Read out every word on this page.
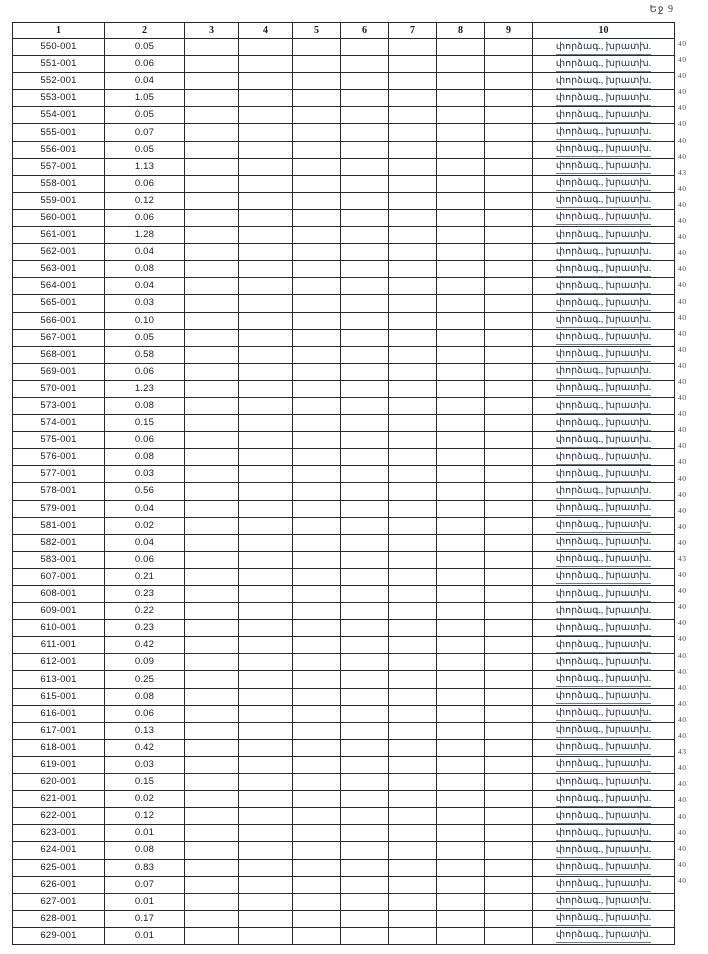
Եջ 9
1	2	3	4	5	6	7	8	9	10
550-001	0.05								փորձագ., խրատխ.
551-001	0.06								փորձագ., խրատխ.
552-001	0.04								փորձագ., խրատխ.
553-001	1.05								փորձագ., խրատխ.
554-001	0.05								փորձագ., խրատխ.
555-001	0.07								փորձագ., խրատխ.
556-001	0.05								փորձագ., խրատխ.
557-001	1.13								փորձագ., խրատխ.
558-001	0.06								փորձագ., խրատխ.
559-001	0.12								փորձագ., խրատխ.
560-001	0.06								փորձագ., խրատխ.
561-001	1.28								փորձագ., խրատխ.
562-001	0.04								փորձագ., խրատխ.
563-001	0.08								փորձագ., խրատխ.
564-001	0.04								փորձագ., խրատխ.
565-001	0.03								փորձագ., խրատխ.
566-001	0.10								փորձագ., խրատխ.
567-001	0.05								փորձագ., խրատխ.
568-001	0.58								փորձագ., խրատխ.
569-001	0.06								փորձագ., խրատխ.
570-001	1.23								փորձագ., խրատխ.
573-001	0.08								փորձագ., խրատխ.
574-001	0.15								փորձագ., խրատխ.
575-001	0.06								փորձագ., խրատխ.
576-001	0.08								փորձագ., խրատխ.
577-001	0.03								փորձագ., խրատխ.
578-001	0.56								փորձագ., խրատխ.
579-001	0.04								փորձագ., խրատխ.
581-001	0.02								փորձագ., խրատխ.
582-001	0.04								փորձագ., խրատխ.
583-001	0.06								փորձագ., խրատխ.
607-001	0.21								փորձագ., խրատխ.
608-001	0.23								փորձագ., խրատխ.
609-001	0.22								փորձագ., խրատխ.
610-001	0.23								փորձագ., խրատխ.
611-001	0.42								փորձագ., խրատխ.
612-001	0.09								փորձագ., խրատխ.
613-001	0.25								փորձագ., խրատխ.
615-001	0.08								փորձագ., խրատխ.
616-001	0.06								փորձագ., խրատխ.
617-001	0.13								փորձագ., խրատխ.
618-001	0.42								փորձագ., խրատխ.
619-001	0.03								փորձագ., խրատխ.
620-001	0.15								փորձագ., խրատխ.
621-001	0.02								փորձագ., խրատխ.
622-001	0.12								փորձագ., խրատխ.
623-001	0.01								փորձագ., խրատխ.
624-001	0.08								փորձագ., խրատխ.
625-001	0.83								փորձագ., խրատխ.
626-001	0.07								փորձագ., խրատխ.
627-001	0.01								փորձագ., խրատխ.
628-001	0.17								փորձագ., խրատխ.
629-001	0.01								փորձագ., խրատխ.
40
40
40
40
40
40
40
40
43
40
40
40
40
40
40
40
40
40
40
40
40
40
40
40
40
40
40
40
40
40
40
40
43
40
40
40
40
40
40
40
40
40
40
40
43
40
40
40
40
40
40
40
40
